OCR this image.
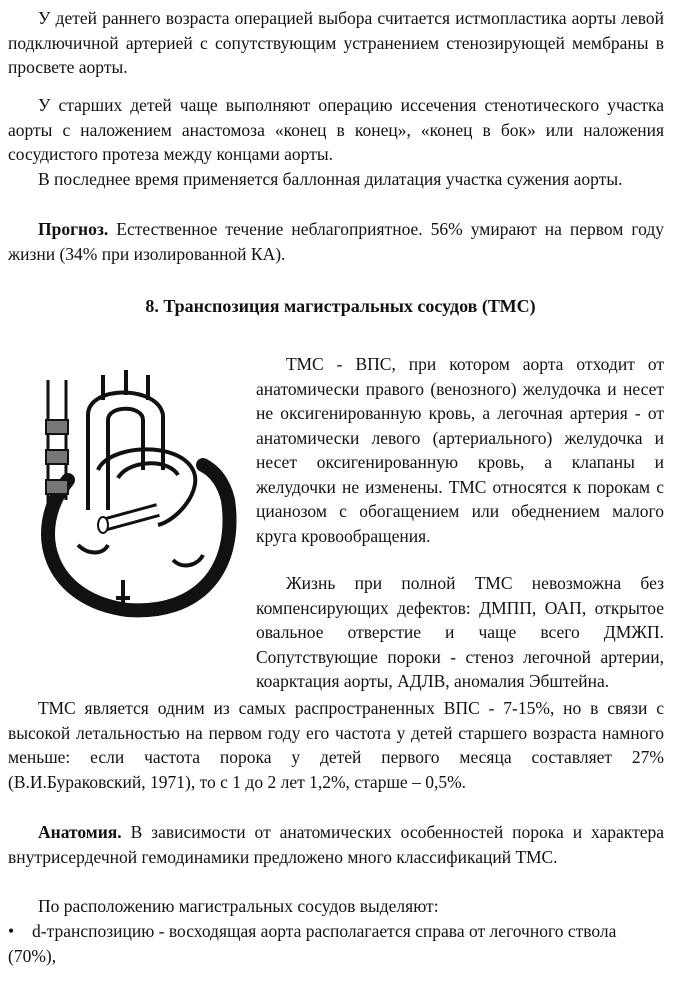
У детей раннего возраста операцией выбора считается истмопластика аорты левой подключичной артерией с сопутствующим устранением стенозирующей мембраны в просвете аорты.

У старших детей чаще выполняют операцию иссечения стенотического участка аорты с наложением анастомоза «конец в конец», «конец в бок» или наложения сосудистого протеза между концами аорты.

В последнее время применяется баллонная дилатация участка сужения аорты.

Прогноз. Естественное течение неблагоприятное. 56% умирают на первом году жизни (34% при изолированной КА).

8. Транспозиция магистральных сосудов (ТМС)

ТМС - ВПС, при котором аорта отходит от анатомически правого (венозного) желудочка и несет не оксигенированную кровь, а легочная артерия - от анатомически левого (артериального) желудочка и несет оксигенированную кровь, а клапаны и желудочки не изменены. ТМС относятся к порокам с цианозом с обогащением или обеднением малого круга кровообращения.

Жизнь при полной ТМС невозможна без компенсирующих дефектов: ДМПП, ОАП, открытое овальное отверстие и чаще всего ДМЖП. Сопутствующие пороки - стеноз легочной артерии, коарктация аорты, АДЛВ, аномалия Эбштейна.

ТМС является одним из самых распространенных ВПС - 7-15%, но в связи с высокой летальностью на первом году его частота у детей старшего возраста намного меньше: если частота порока у детей первого месяца составляет 27% (В.И.Бураковский, 1971), то с 1 до 2 лет 1,2%, старше – 0,5%.

Анатомия. В зависимости от анатомических особенностей порока и характера внутрисердечной гемодинамики предложено много классификаций ТМС.

По расположению магистральных сосудов выделяют:

• d-транспозицию - восходящая аорта располагается справа от легочного ствола (70%),
